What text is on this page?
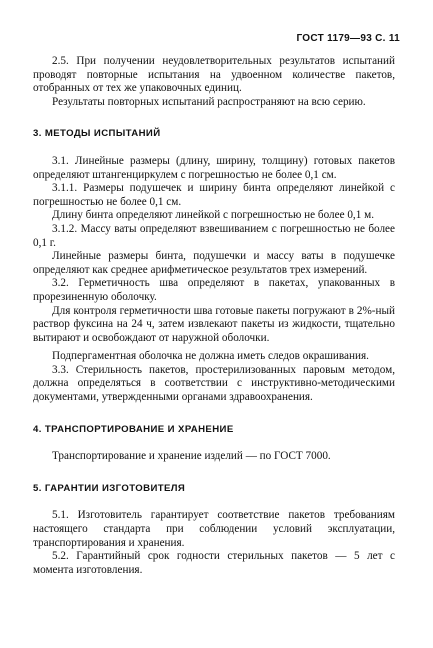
ГОСТ 1179—93 С. 11

2.5. При получении неудовлетворительных результатов испытаний проводят повторные испытания на удвоенном количестве пакетов, отобранных от тех же упаковочных единиц.

Результаты повторных испытаний распространяют на всю серию.

3. МЕТОДЫ ИСПЫТАНИЙ

3.1. Линейные размеры (длину, ширину, толщину) готовых пакетов определяют штангенциркулем с погрешностью не более 0,1 см.

3.1.1. Размеры подушечек и ширину бинта определяют линейкой с погрешностью не более 0,1 см.

Длину бинта определяют линейкой с погрешностью не более 0,1 м.

3.1.2. Массу ваты определяют взвешиванием с погрешностью не более 0,1 г.

Линейные размеры бинта, подушечки и массу ваты в подушечке определяют как среднее арифметическое результатов трех измерений.

3.2. Герметичность шва определяют в пакетах, упакованных в прорезиненную оболочку.

Для контроля герметичности шва готовые пакеты погружают в 2%-ный раствор фуксина на 24 ч, затем извлекают пакеты из жидкости, тщательно вытирают и освобождают от наружной оболочки.

Подпергаментная оболочка не должна иметь следов окрашивания.

3.3. Стерильность пакетов, простерилизованных паровым методом, должна определяться в соответствии с инструктивно-методическими документами, утвержденными органами здравоохранения.

4. ТРАНСПОРТИРОВАНИЕ И ХРАНЕНИЕ

Транспортирование и хранение изделий — по ГОСТ 7000.

5. ГАРАНТИИ ИЗГОТОВИТЕЛЯ

5.1. Изготовитель гарантирует соответствие пакетов требованиям настоящего стандарта при соблюдении условий эксплуатации, транспортирования и хранения.

5.2. Гарантийный срок годности стерильных пакетов — 5 лет с момента изготовления.
